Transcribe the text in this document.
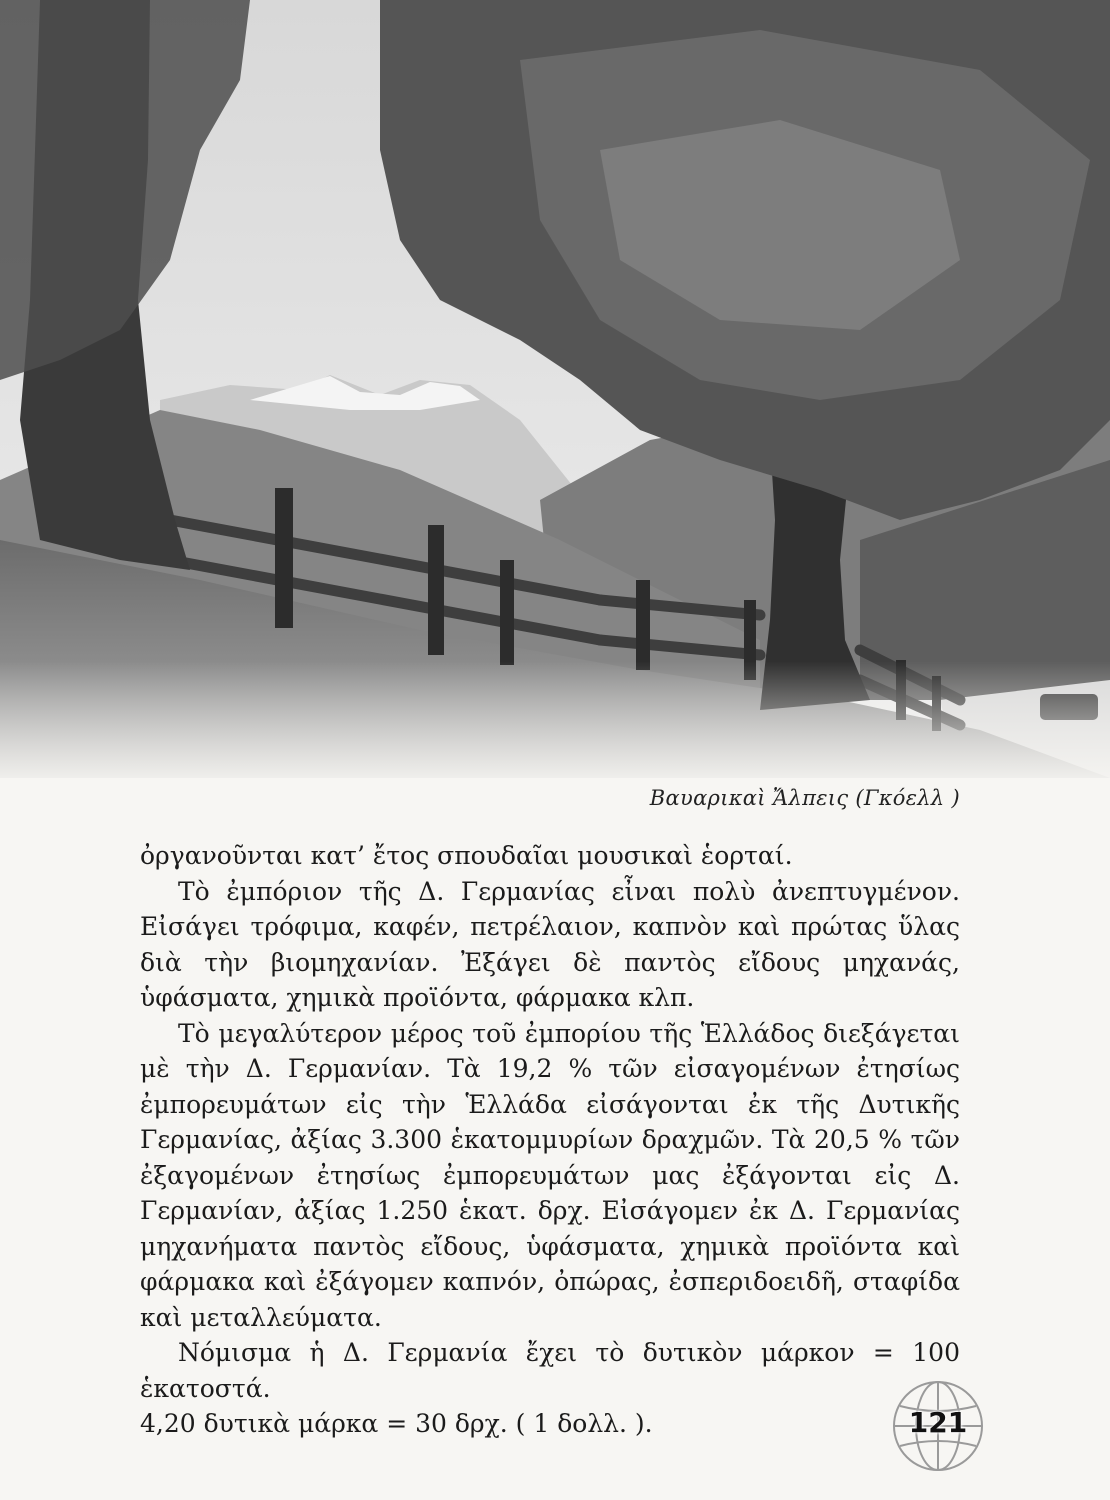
Βαυαρικαὶ Ἄλπεις (Γκόελλ )

ὀργανοῦνται κατ’ ἔτος σπουδαῖαι μουσικαὶ ἑορταί.

Τὸ ἐμπόριον τῆς Δ. Γερμανίας εἶναι πολὺ ἀνεπτυγμένον. Εἰσάγει τρόφιμα, καφέν, πετρέλαιον, καπνὸν καὶ πρώτας ὕλας διὰ τὴν βιομηχανίαν. Ἐξάγει δὲ παντὸς εἴδους μηχανάς, ὑφάσματα, χημικὰ προϊόντα, φάρμακα κλπ.

Τὸ μεγαλύτερον μέρος τοῦ ἐμπορίου τῆς Ἑλλάδος διεξάγεται μὲ τὴν Δ. Γερμανίαν. Τὰ 19,2 % τῶν εἰσαγομένων ἐτησίως ἐμπορευμάτων εἰς τὴν Ἑλλάδα εἰσάγονται ἐκ τῆς Δυτικῆς Γερμανίας, ἀξίας 3.300 ἑκατομμυρίων δραχμῶν. Τὰ 20,5 % τῶν ἐξαγομένων ἐτησίως ἐμπορευμάτων μας ἐξάγονται εἰς Δ. Γερμανίαν, ἀξίας 1.250 ἑκατ. δρχ. Εἰσάγομεν ἐκ Δ. Γερμανίας μηχανήματα παντὸς εἴδους, ὑφάσματα, χημικὰ προϊόντα καὶ φάρμακα καὶ ἐξάγομεν καπνόν, ὀπώρας, ἐσπεριδοειδῆ, σταφίδα καὶ μεταλλεύματα.

Νόμισμα ἡ Δ. Γερμανία ἔχει τὸ δυτικὸν μάρκον = 100 ἑκατοστά.

4,20 δυτικὰ μάρκα = 30 δρχ. ( 1 δολλ. ).	121
